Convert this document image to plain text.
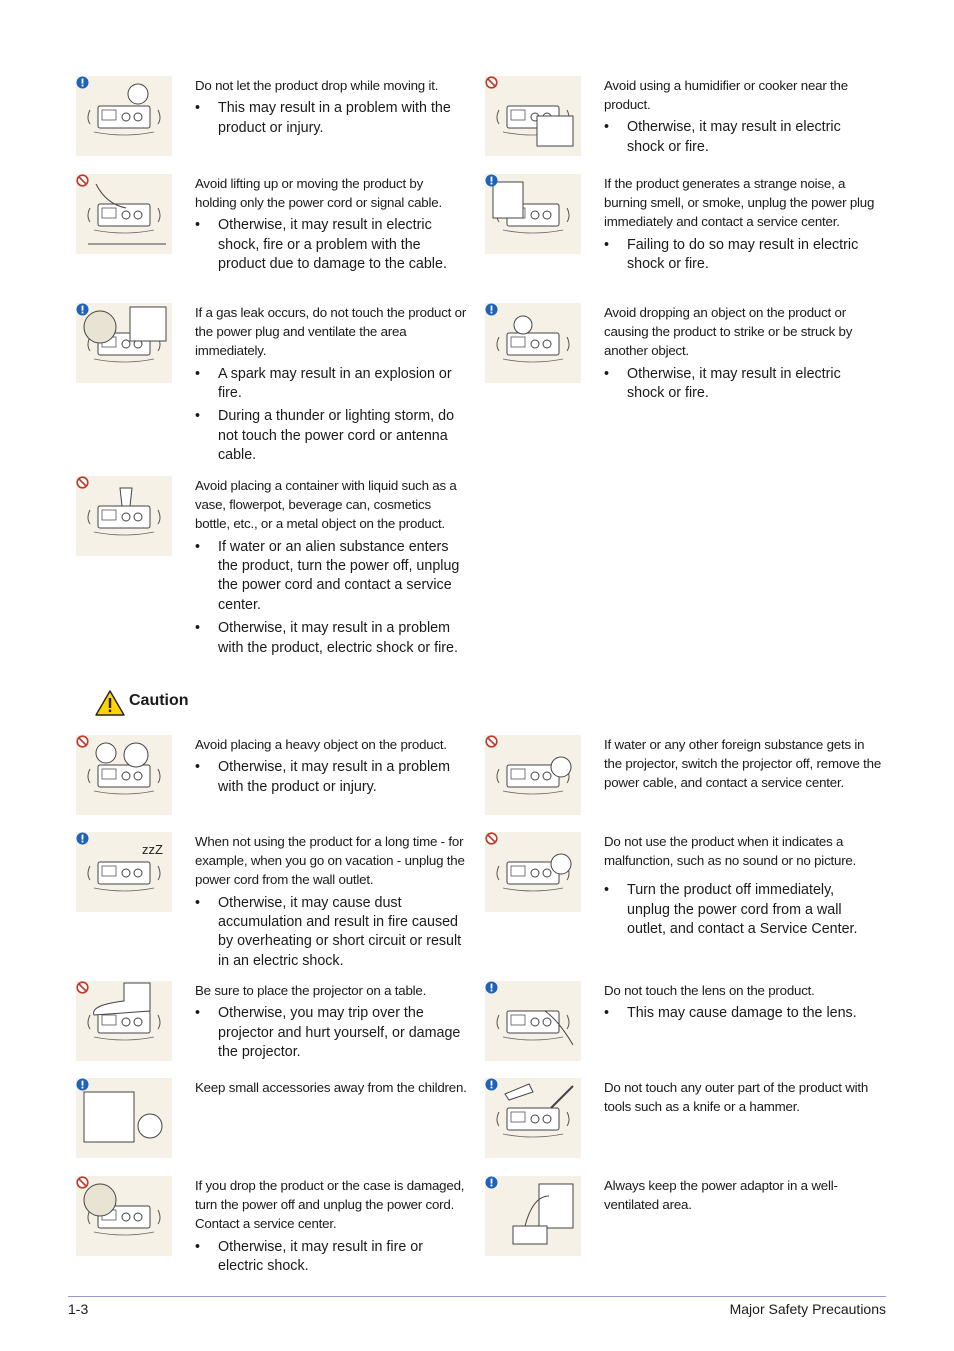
Do not let the product drop while moving it.

• This may result in a problem with the product or injury.

Avoid using a humidifier or cooker near the product.

• Otherwise, it may result in electric shock or fire.

Avoid lifting up or moving the product by holding only the power cord or signal cable.

• Otherwise, it may result in electric shock, fire or a problem with the product due to damage to the cable.

If the product generates a strange noise, a burning smell, or smoke, unplug the power plug immediately and contact a service center.

• Failing to do so may result in electric shock or fire.

If a gas leak occurs, do not touch the product or the power plug and ventilate the area immediately.

• A spark may result in an explosion or fire.
• During a thunder or lighting storm, do not touch the power cord or antenna cable.

Avoid dropping an object on the product or causing the product to strike or be struck by another object.

• Otherwise, it may result in electric shock or fire.

Avoid placing a container with liquid such as a vase, flowerpot, beverage can, cosmetics bottle, etc., or a metal object on the product.

• If water or an alien substance enters the product, turn the power off, unplug the power cord and contact a service center.
• Otherwise, it may result in a problem with the product, electric shock or fire.
Caution

Avoid placing a heavy object on the product.

• Otherwise, it may result in a problem with the product or injury.

If water or any other foreign substance gets in the projector, switch the projector off, remove the power cable, and contact a service center.

zzZ

When not using the product for a long time - for example, when you go on vacation - unplug the power cord from the wall outlet.

• Otherwise, it may cause dust accumulation and result in fire caused by overheating or short circuit or result in an electric shock.

Do not use the product when it indicates a malfunction, such as no sound or no picture.

• Turn the product off immediately, unplug the power cord from a wall outlet, and contact a Service Center.

Be sure to place the projector on a table.

• Otherwise, you may trip over the projector and hurt yourself, or damage the projector.

Do not touch the lens on the product.

• This may cause damage to the lens.

Keep small accessories away from the children.	Do not touch any outer part of the product with tools such as a knife or a hammer.

If you drop the product or the case is damaged, turn the power off and unplug the power cord. Contact a service center.

• Otherwise, it may result in fire or electric shock.

Always keep the power adaptor in a well-ventilated area.

1-3	Major Safety Precautions
